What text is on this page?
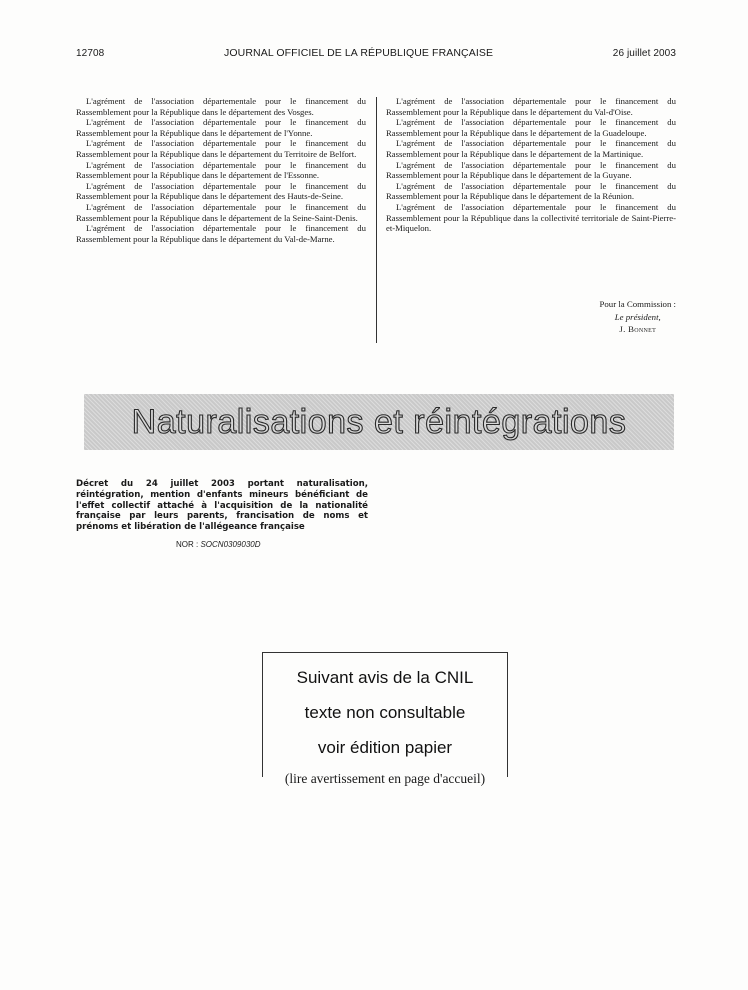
12708	JOURNAL OFFICIEL DE LA RÉPUBLIQUE FRANÇAISE	26 juillet 2003

L'agrément de l'association départementale pour le financement du Rassemblement pour la République dans le département des Vosges.

L'agrément de l'association départementale pour le financement du Rassemblement pour la République dans le département de l'Yonne.

L'agrément de l'association départementale pour le financement du Rassemblement pour la République dans le département du Territoire de Belfort.

L'agrément de l'association départementale pour le financement du Rassemblement pour la République dans le département de l'Essonne.

L'agrément de l'association départementale pour le financement du Rassemblement pour la République dans le département des Hauts-de-Seine.

L'agrément de l'association départementale pour le financement du Rassemblement pour la République dans le département de la Seine-Saint-Denis.

L'agrément de l'association départementale pour le financement du Rassemblement pour la République dans le département du Val-de-Marne.

L'agrément de l'association départementale pour le financement du Rassemblement pour la République dans le département du Val-d'Oise.

L'agrément de l'association départementale pour le financement du Rassemblement pour la République dans le département de la Guadeloupe.

L'agrément de l'association départementale pour le financement du Rassemblement pour la République dans le département de la Martinique.

L'agrément de l'association départementale pour le financement du Rassemblement pour la République dans le département de la Guyane.

L'agrément de l'association départementale pour le financement du Rassemblement pour la République dans le département de la Réunion.

L'agrément de l'association départementale pour le financement du Rassemblement pour la République dans la collectivité territoriale de Saint-Pierre-et-Miquelon.

Pour la Commission :
Le président,
J. Bonnet
Naturalisations et réintégrations
Décret du 24 juillet 2003 portant naturalisation, réintégration, mention d'enfants mineurs bénéficiant de l'effet collectif attaché à l'acquisition de la nationalité française par leurs parents, francisation de noms et prénoms et libération de l'allégeance française
NOR : SOCN0309030D
Suivant avis de la CNIL
texte non consultable
voir édition papier
(lire avertissement en page d'accueil)
